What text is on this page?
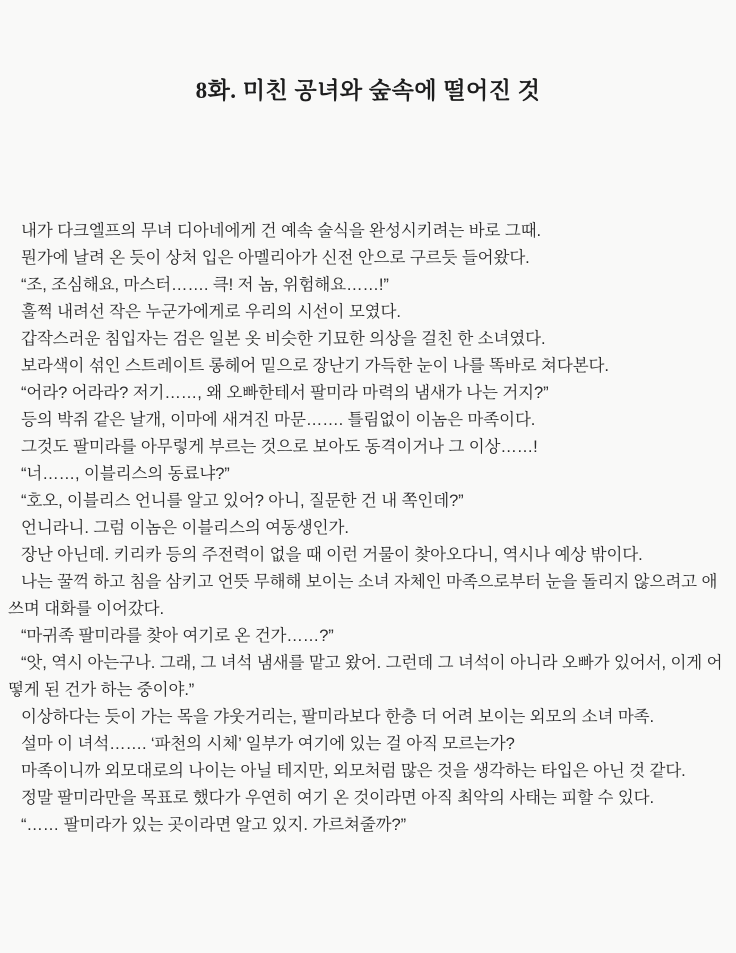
8화. 미친 공녀와 숲속에 떨어진 것

내가 다크엘프의 무녀 디아네에게 건 예속 술식을 완성시키려는 바로 그때.

뭔가에 날려 온 듯이 상처 입은 아멜리아가 신전 안으로 구르듯 들어왔다.

“조, 조심해요, 마스터……. 큭! 저 놈, 위험해요……!”

훌쩍 내려선 작은 누군가에게로 우리의 시선이 모였다.

갑작스러운 침입자는 검은 일본 옷 비슷한 기묘한 의상을 걸친 한 소녀였다.

보라색이 섞인 스트레이트 롱헤어 밑으로 장난기 가득한 눈이 나를 똑바로 쳐다본다.

“어라? 어라라? 저기……, 왜 오빠한테서 팔미라 마력의 냄새가 나는 거지?”

등의 박쥐 같은 날개, 이마에 새겨진 마문……. 틀림없이 이놈은 마족이다.

그것도 팔미라를 아무렇게 부르는 것으로 보아도 동격이거나 그 이상……!

“너……, 이블리스의 동료냐?”

“호오, 이블리스 언니를 알고 있어? 아니, 질문한 건 내 쪽인데?”

언니라니. 그럼 이놈은 이블리스의 여동생인가.

장난 아닌데. 키리카 등의 주전력이 없을 때 이런 거물이 찾아오다니, 역시나 예상 밖이다.

나는 꿀꺽 하고 침을 삼키고 언뜻 무해해 보이는 소녀 자체인 마족으로부터 눈을 돌리지 않으려고 애쓰며 대화를 이어갔다.

“마귀족 팔미라를 찾아 여기로 온 건가……?”

“앗, 역시 아는구나. 그래, 그 녀석 냄새를 맡고 왔어. 그런데 그 녀석이 아니라 오빠가 있어서, 이게 어떻게 된 건가 하는 중이야.”

이상하다는 듯이 가는 목을 갸웃거리는, 팔미라보다 한층 더 어려 보이는 외모의 소녀 마족.

설마 이 녀석……. ‘파천의 시체’ 일부가 여기에 있는 걸 아직 모르는가?

마족이니까 외모대로의 나이는 아닐 테지만, 외모처럼 많은 것을 생각하는 타입은 아닌 것 같다.

정말 팔미라만을 목표로 했다가 우연히 여기 온 것이라면 아직 최악의 사태는 피할 수 있다.

“…… 팔미라가 있는 곳이라면 알고 있지. 가르쳐줄까?”
